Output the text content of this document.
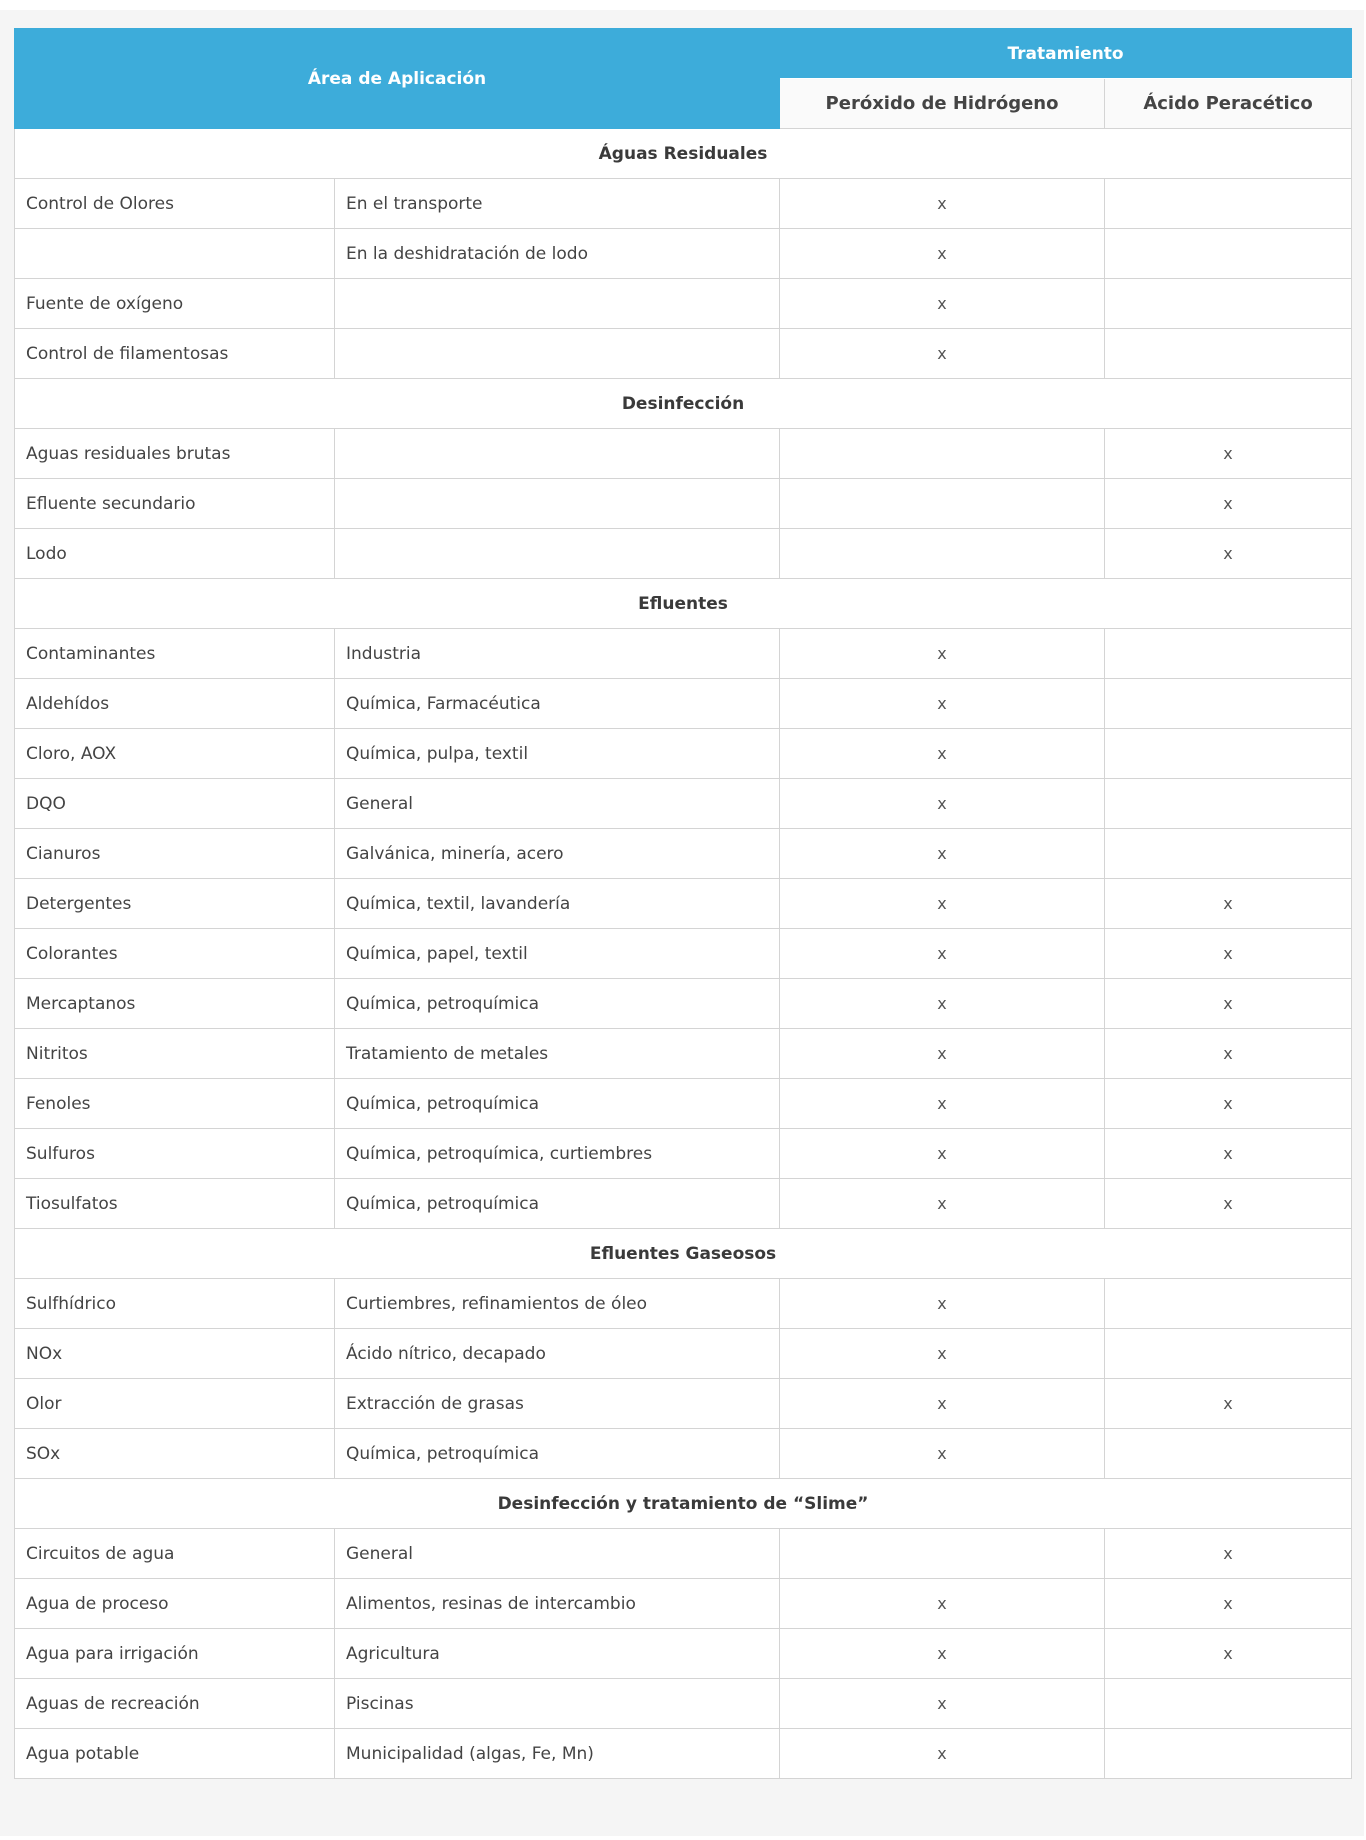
Área de Aplicación		Tratamiento	
		Peróxido de Hidrógeno	Ácido Peracético
Águas Residuales			
Control de Olores	En el transporte	x	
	En la deshidratación de lodo	x	
Fuente de oxígeno		x	
Control de filamentosas		x	
Desinfección			
Aguas residuales brutas			x
Efluente secundario			x
Lodo			x
Efluentes			
Contaminantes	Industria	x	
Aldehídos	Química, Farmacéutica	x	
Cloro, AOX	Química, pulpa, textil	x	
DQO	General	x	
Cianuros	Galvánica, minería, acero	x	
Detergentes	Química, textil, lavandería	x	x
Colorantes	Química, papel, textil	x	x
Mercaptanos	Química, petroquímica	x	x
Nitritos	Tratamiento de metales	x	x
Fenoles	Química, petroquímica	x	x
Sulfuros	Química, petroquímica, curtiembres	x	x
Tiosulfatos	Química, petroquímica	x	x
Efluentes Gaseosos			
Sulfhídrico	Curtiembres, refinamientos de óleo	x	
NOx	Ácido nítrico, decapado	x	
Olor	Extracción de grasas	x	x
SOx	Química, petroquímica	x	
Desinfección y tratamiento de “Slime”			
Circuitos de agua	General		x
Agua de proceso	Alimentos, resinas de intercambio	x	x
Agua para irrigación	Agricultura	x	x
Aguas de recreación	Piscinas	x	
Agua potable	Municipalidad (algas, Fe, Mn)	x	
